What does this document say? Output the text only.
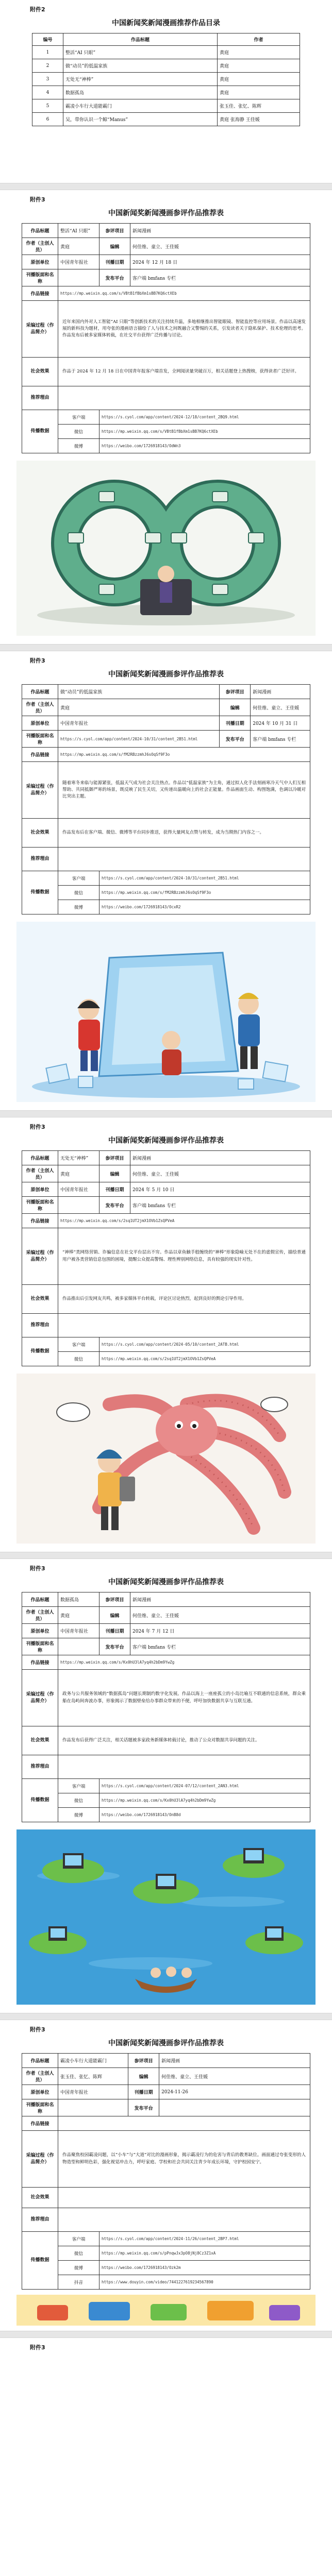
附件2
中国新闻奖新闻漫画推荐作品目录
编号	作品标题	作者
1	整活“AI 只眼”	黄庭
2	做“动员”的低温家族	黄庭
3	无处无“神棒”	黄庭
4	数据孤岛	黄庭
5	霸凌小车行大道能霸门	张玉佳、张忆、陈辉
6	吴，带你认识一个鲸“Manus”	黄庭 张海静 王佳媛
附件3
中国新闻奖新闻漫画参评作品推荐表
作品标题	整活“AI 只眼”	参评项目	新闻漫画
作者（主创人员）	黄庭	编辑	何佳维、童立、王佳媛
原创单位	中国青年报社	刊播日期	2024 年 12 月 18 日
刊播版面和名称		发布平台	客户端 bmfans 专栏
作品链接	https://mp.weixin.qq.com/s/VBtB1fBbXm1sBB7KQ6ctXEb		
采编过程（作品简介）	近年来国内外对人工智能“AI 只眼”等创新技术的关注持续升温，多地相继推出智能眼镜、智能监控等应用场景。作品以高速发展的新科技为题材，用夸张的漫画语言描绘了人与技术之间既融合又警惕的关系，引发读者关于隐私保护、技术伦理的思考。作品发布后被多家媒体转载，在社交平台获得广泛传播与讨论。		
社会效果	作品于 2024 年 12 月 18 日在中国青年报客户端首发，全网阅读量突破百万，相关话题登上热搜榜，获得读者广泛好评。		
推荐理由			
传播数据	客户端	https://s.cyol.com/app/content/2024-12/18/content_2BQ9.html	
	微信	https://mp.weixin.qq.com/s/VBtB1fBbXm1sBB7KQ6ctXEb	
	微博	https://weibo.com/1726918143/OdWn3	
附件3
中国新闻奖新闻漫画参评作品推荐表
作品标题	做“动员”的低温家族		参评项目	新闻漫画
作者（主创人员）	黄庭		编辑	何佳维、童立、王佳媛
原创单位	中国青年报社		刊播日期	2024 年 10 月 31 日
刊播版面和名称	https://s.cyol.com/app/content/2024-10/31/content_2B51.html		发布平台	客户端 bmfans 专栏
作品链接	https://mp.weixin.qq.com/s/fM2RBzzmhJ6sOqSf9F3o			
采编过程（作品简介）	随着寒冬来临与能源紧张，低温天气成为社会关注热点。作品以“低温家族”为主角，通过拟人化手法刻画寒冷天气中人们互相帮助、共同抵御严寒的场景，既反映了民生关切，又传递出温暖向上的社会正能量。作品画面生动、构图饱满，色调以冷暖对比突出主题。			
社会效果	作品发布后在客户端、微信、微博等平台同步推送，获得大量网友点赞与转发，成为当期热门内容之一。			
推荐理由				
传播数据	客户端	https://s.cyol.com/app/content/2024-10/31/content_2B51.html		
	微信	https://mp.weixin.qq.com/s/fM2RBzzmhJ6sOqSf9F3o		
	微博	https://weibo.com/1726918143/OcxR2		
附件3
中国新闻奖新闻漫画参评作品推荐表
作品标题	无处无“神棒”	参评项目	新闻漫画
作者（主创人员）	黄庭	编辑	何佳维、童立、王佳媛
原创单位	中国青年报社	刊播日期	2024 年 5 月 10 日
刊播版面和名称		发布平台	客户端 bmfans 专栏
作品链接	https://mp.weixin.qq.com/s/2sq1UT2jmX1OVb1ZsQPVeA		
采编过程（作品简介）	“神棒”类网络营销、诈骗信息在社交平台层出不穷。作品以章鱼触手般缠绕的“神棒”形象隐喻无处不在的虚假宣传，描绘普通用户被各类营销信息包围的困境，提醒公众提高警惕、理性辨别网络信息，具有较强的现实针对性。		
社会效果	作品推出后引发网友共鸣，被多家媒体平台转载，评论区讨论热烈，起到良好的舆论引导作用。		
推荐理由			
传播数据	客户端	https://s.cyol.com/app/content/2024-05/10/content_2ATB.html	
	微信	https://mp.weixin.qq.com/s/2sq1UT2jmX1OVb1ZsQPVeA	
附件3
中国新闻奖新闻漫画参评作品推荐表
作品标题	数据孤岛	参评项目	新闻漫画
作者（主创人员）	黄庭	编辑	何佳维、童立、王佳媛
原创单位	中国青年报社	刊播日期	2024 年 7 月 12 日
刊播版面和名称		发布平台	客户端 bmfans 专栏
作品链接	https://mp.weixin.qq.com/s/Kx0hU3lA7yq4h2bDm9YwZg		
采编过程（作品简介）	政务与公共服务领域的“数据孤岛”问题长期制约数字化发展。作品以海上一座座孤立的小岛比喻互不联通的信息系统，群众乘船在岛屿间奔波办事，形象揭示了数据壁垒给办事群众带来的不便，呼吁加快数据共享与互联互通。		
社会效果	作品发布后获得广泛关注，相关话题被多家政务新媒体转载讨论，推动了公众对数据共享问题的关注。		
推荐理由			
传播数据	客户端	https://s.cyol.com/app/content/2024-07/12/content_2AN3.html	
	微信	https://mp.weixin.qq.com/s/Kx0hU3lA7yq4h2bDm9YwZg	
	微博	https://weibo.com/1726918143/OnB8d	
附件3
中国新闻奖新闻漫画参评作品推荐表
作品标题	霸凌小车行大道能霸门		参评项目	新闻漫画
作者（主创人员）	张玉佳、张忆、陈辉		编辑	何佳维、童立、王佳媛
原创单位	中国青年报社		刊播日期	2024-11-26
刊播版面和名称			发布平台	
作品链接				
采编过程（作品简介）	作品聚焦校园霸凌问题，以“小车”与“大道”对比的漫画形象，揭示霸凌行为的危害与背后的教育缺位。画面通过夸张变形的人物造型和鲜明色彩，强化视觉冲击力，呼吁家庭、学校和社会共同关注青少年成长环境，守护校园安宁。			
社会效果				
推荐理由				
传播数据	客户端	https://s.cyol.com/app/content/2024-11/26/content_2BP7.html		
	微信	https://mp.weixin.qq.com/s/pPnqwJx3pO8jNj8Cz3Z1xA		
	微博	https://weibo.com/1726918143/Ozk2m		
	抖音	https://www.douyin.com/video/7441227619234567890		
附件3
